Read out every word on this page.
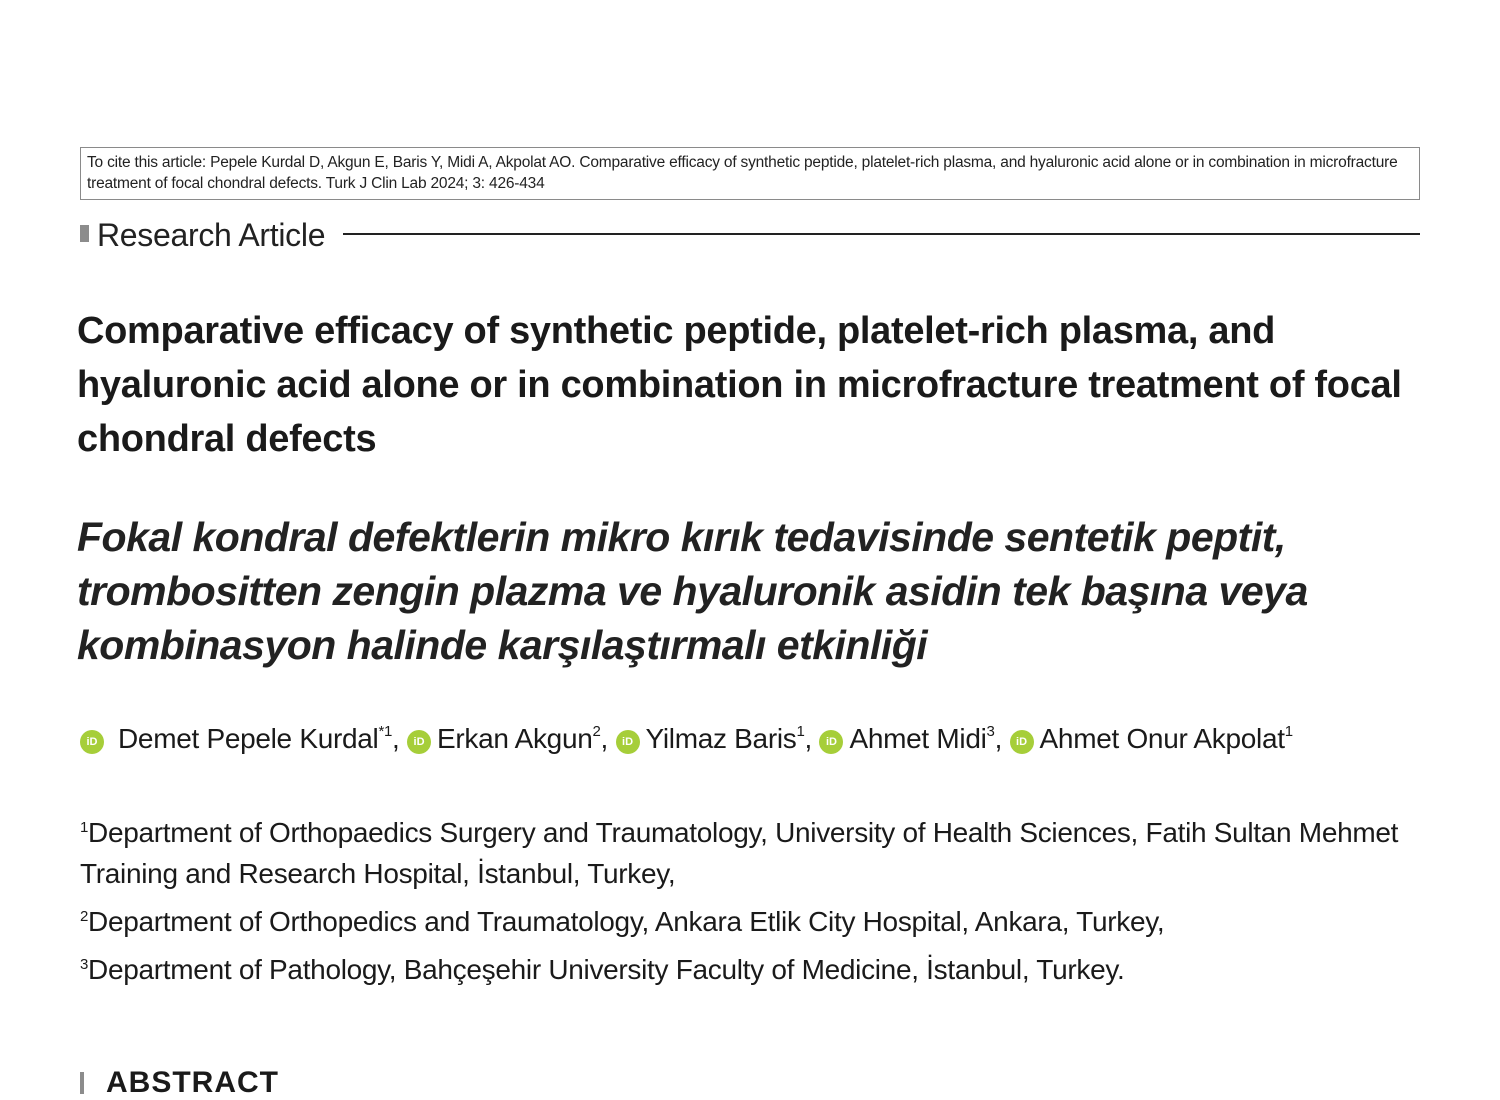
To cite this article: Pepele Kurdal D, Akgun E, Baris Y, Midi A, Akpolat AO. Comparative efficacy of synthetic peptide, platelet-rich plasma, and hyaluronic acid alone or in combination in microfracture treatment of focal chondral defects. Turk J Clin Lab 2024; 3: 426-434
Research Article
Comparative efficacy of synthetic peptide, platelet-rich plasma, and hyaluronic acid alone or in combination in microfracture treatment of focal chondral defects
Fokal kondral defektlerin mikro kırık tedavisinde sentetik peptit, trombositten zengin plazma ve hyaluronik asidin tek başına veya kombinasyon halinde karşılaştırmalı etkinliği
iD Demet Pepele Kurdal$^{*1}$, iD Erkan Akgun$^2$, iD Yilmaz Baris$^1$, iD Ahmet Midi$^3$, iD Ahmet Onur Akpolat$^1$
$^1$Department of Orthopaedics Surgery and Traumatology, University of Health Sciences, Fatih Sultan Mehmet Training and Research Hospital, İstanbul, Turkey,
$^2$Department of Orthopedics and Traumatology, Ankara Etlik City Hospital, Ankara, Turkey,
$^3$Department of Pathology, Bahçeşehir University Faculty of Medicine, İstanbul, Turkey.
ABSTRACT
